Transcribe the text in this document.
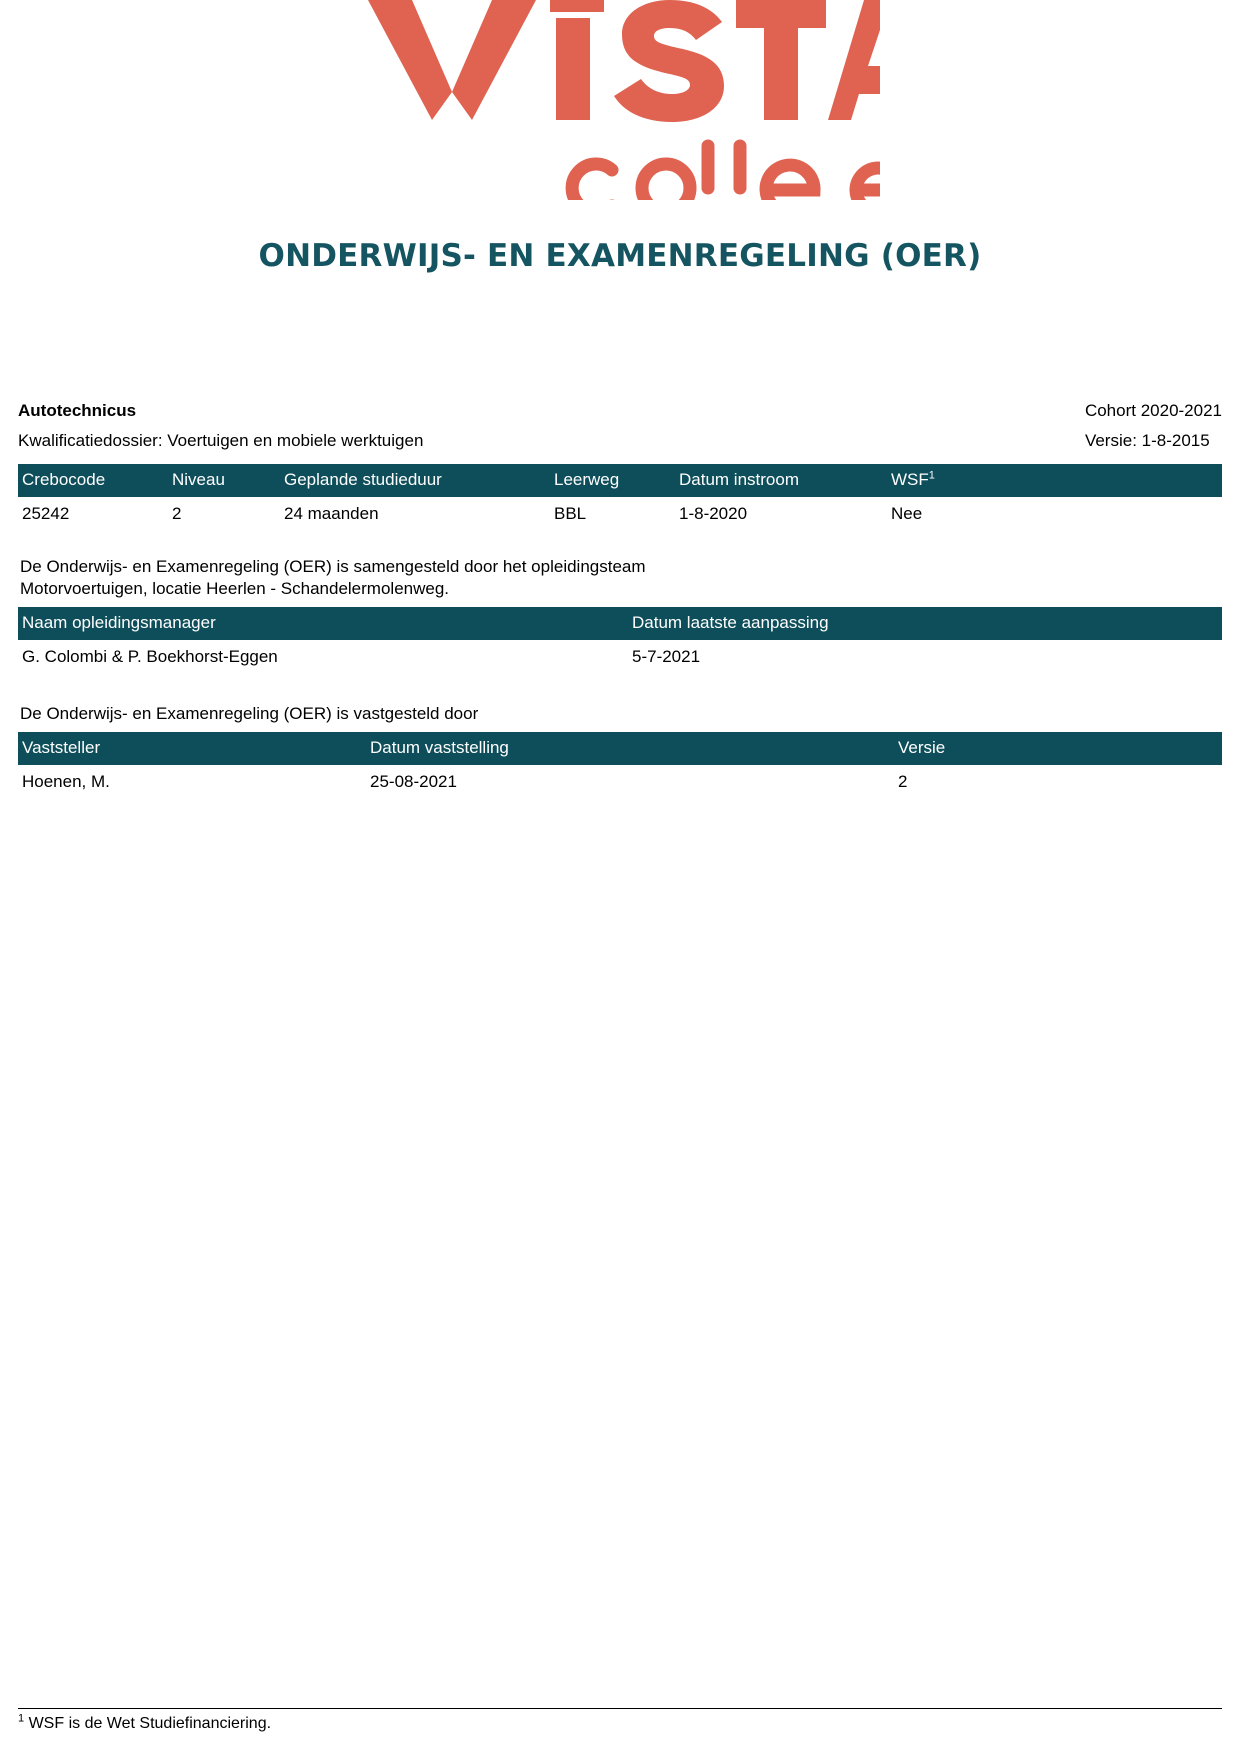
ONDERWIJS- EN EXAMENREGELING (OER)
Autotechnicus
Kwalificatiedossier: Voertuigen en mobiele werktuigen
Cohort 2020-2021
Versie: 1-8-2015
Crebocode	Niveau	Geplande studieduur	Leerweg	Datum instroom	WSF$^1$
25242	2	24 maanden	BBL	1-8-2020	Nee
De Onderwijs- en Examenregeling (OER) is samengesteld door het opleidingsteam
Motorvoertuigen, locatie Heerlen - Schandelermolenweg.
Naam opleidingsmanager	Datum laatste aanpassing
G. Colombi & P. Boekhorst-Eggen	5-7-2021
De Onderwijs- en Examenregeling (OER) is vastgesteld door
Vaststeller	Datum vaststelling	Versie
Hoenen, M.	25-08-2021	2
$^1$ WSF is de Wet Studiefinanciering.
